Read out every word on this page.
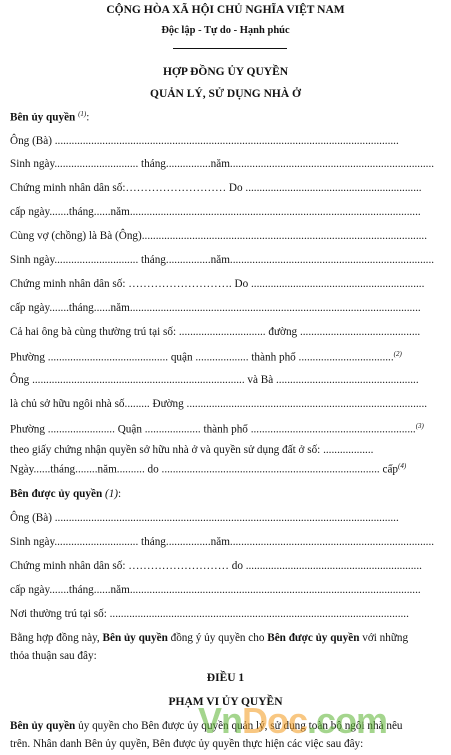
CỘNG HÒA XÃ HỘI CHỦ NGHĨA VIỆT NAM
Độc lập - Tự do - Hạnh phúc
HỢP ĐỒNG ỦY QUYỀN
QUẢN LÝ, SỬ DỤNG NHÀ Ở
Bên ủy quyền $^{(1)}$:
Ông (Bà) ...........................................................................................................................
Sinh ngày.............................. tháng................năm.........................................................................
Chứng minh nhân dân số:……………………… Do ...............................................................
cấp ngày.......tháng......năm........................................................................................................
Cùng vợ (chồng) là Bà (Ông)......................................................................................................
Sinh ngày.............................. tháng................năm.........................................................................
Chứng minh nhân dân số: ………………………. Do ..............................................................
cấp ngày.......tháng......năm........................................................................................................
Cả hai ông bà cùng thường trú tại số: ............................... đường ...........................................
Phường ........................................... quận ................... thành phố ..................................$^{(2)}$
Ông ............................................................................ và Bà ...................................................
là chủ sở hữu ngôi nhà số......... Đường ......................................................................................
Phường ........................ Quận .................... thành phố ...........................................................$^{(3)}$
theo giấy chứng nhận quyền sở hữu nhà ở và quyền sử dụng đất ở số: ..................
Ngày......tháng........năm.......... do .............................................................................. cấp$^{(4)}$
Bên được ủy quyền (1):
Ông (Bà) ...........................................................................................................................
Sinh ngày.............................. tháng................năm.........................................................................
Chứng minh nhân dân số: ……………………… do ...............................................................
cấp ngày.......tháng......năm........................................................................................................
Nơi thường trú tại số: ...........................................................................................................
Bằng hợp đồng này, Bên ủy quyền đồng ý ủy quyền cho Bên được ủy quyền với những
thỏa thuận sau đây:
ĐIỀU 1
PHẠM VI ỦY QUYỀN
Bên ủy quyền ủy quyền cho Bên được ủy quyền quản lý, sử dụng toàn bộ ngôi nhà nêu
trên. Nhân danh Bên ủy quyền, Bên được ủy quyền thực hiện các việc sau đây:
VnDoc.com
